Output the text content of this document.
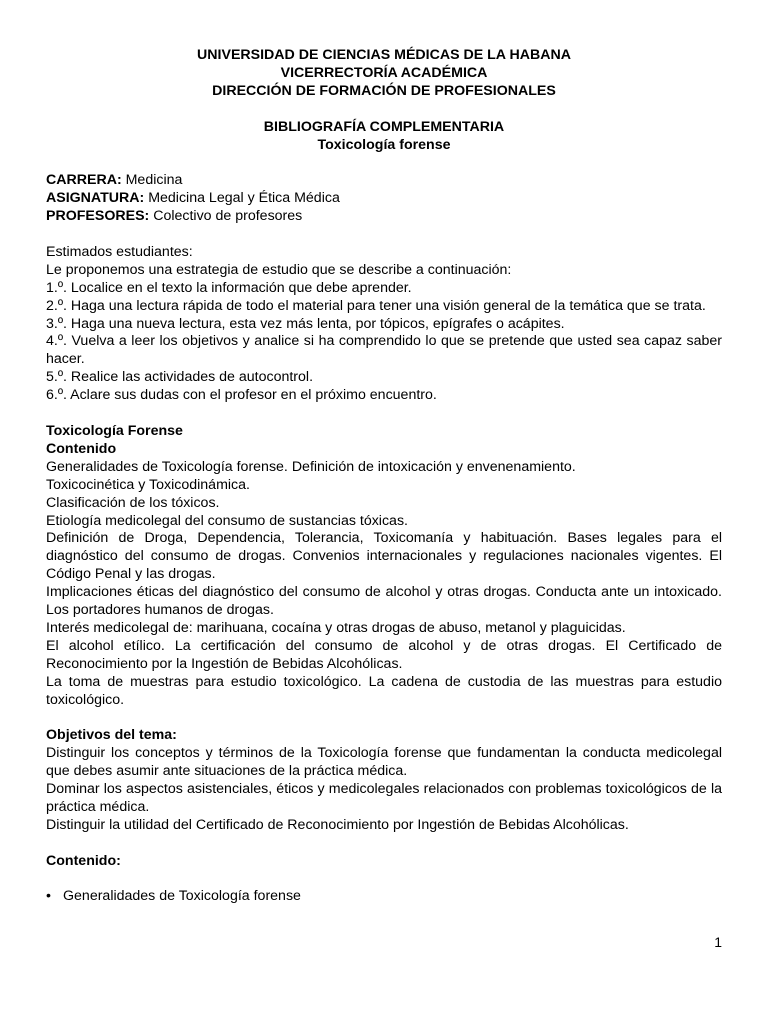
UNIVERSIDAD DE CIENCIAS MÉDICAS DE LA HABANA

VICERRECTORÍA ACADÉMICA

DIRECCIÓN DE FORMACIÓN DE PROFESIONALES

BIBLIOGRAFÍA COMPLEMENTARIA

Toxicología forense

CARRERA: Medicina

ASIGNATURA: Medicina Legal y Ética Médica

PROFESORES: Colectivo de profesores

Estimados estudiantes:

Le proponemos una estrategia de estudio que se describe a continuación:

1.º. Localice en el texto la información que debe aprender.

2.º. Haga una lectura rápida de todo el material para tener una visión general de la temática que se trata.

3.º. Haga una nueva lectura, esta vez más lenta, por tópicos, epígrafes o acápites.

4.º. Vuelva a leer los objetivos y analice si ha comprendido lo que se pretende que usted sea capaz saber hacer.

5.º. Realice las actividades de autocontrol.

6.º. Aclare sus dudas con el profesor en el próximo encuentro.

Toxicología Forense

Contenido

Generalidades de Toxicología forense. Definición de intoxicación y envenenamiento.

Toxicocinética y Toxicodinámica.

Clasificación de los tóxicos.

Etiología medicolegal del consumo de sustancias tóxicas.

Definición de Droga, Dependencia, Tolerancia, Toxicomanía y habituación. Bases legales para el diagnóstico del consumo de drogas. Convenios internacionales y regulaciones nacionales vigentes. El Código Penal y las drogas.

Implicaciones éticas del diagnóstico del consumo de alcohol y otras drogas. Conducta ante un intoxicado. Los portadores humanos de drogas.

Interés medicolegal de: marihuana, cocaína y otras drogas de abuso, metanol y plaguicidas.

El alcohol etílico. La certificación del consumo de alcohol y de otras drogas. El Certificado de Reconocimiento por la Ingestión de Bebidas Alcohólicas.

La toma de muestras para estudio toxicológico. La cadena de custodia de las muestras para estudio toxicológico.

Objetivos del tema:

Distinguir los conceptos y términos de la Toxicología forense que fundamentan la conducta medicolegal que debes asumir ante situaciones de la práctica médica.

Dominar los aspectos asistenciales, éticos y medicolegales relacionados con problemas toxicológicos de la práctica médica.

Distinguir la utilidad del Certificado de Reconocimiento por Ingestión de Bebidas Alcohólicas.

Contenido:

• Generalidades de Toxicología forense
1
